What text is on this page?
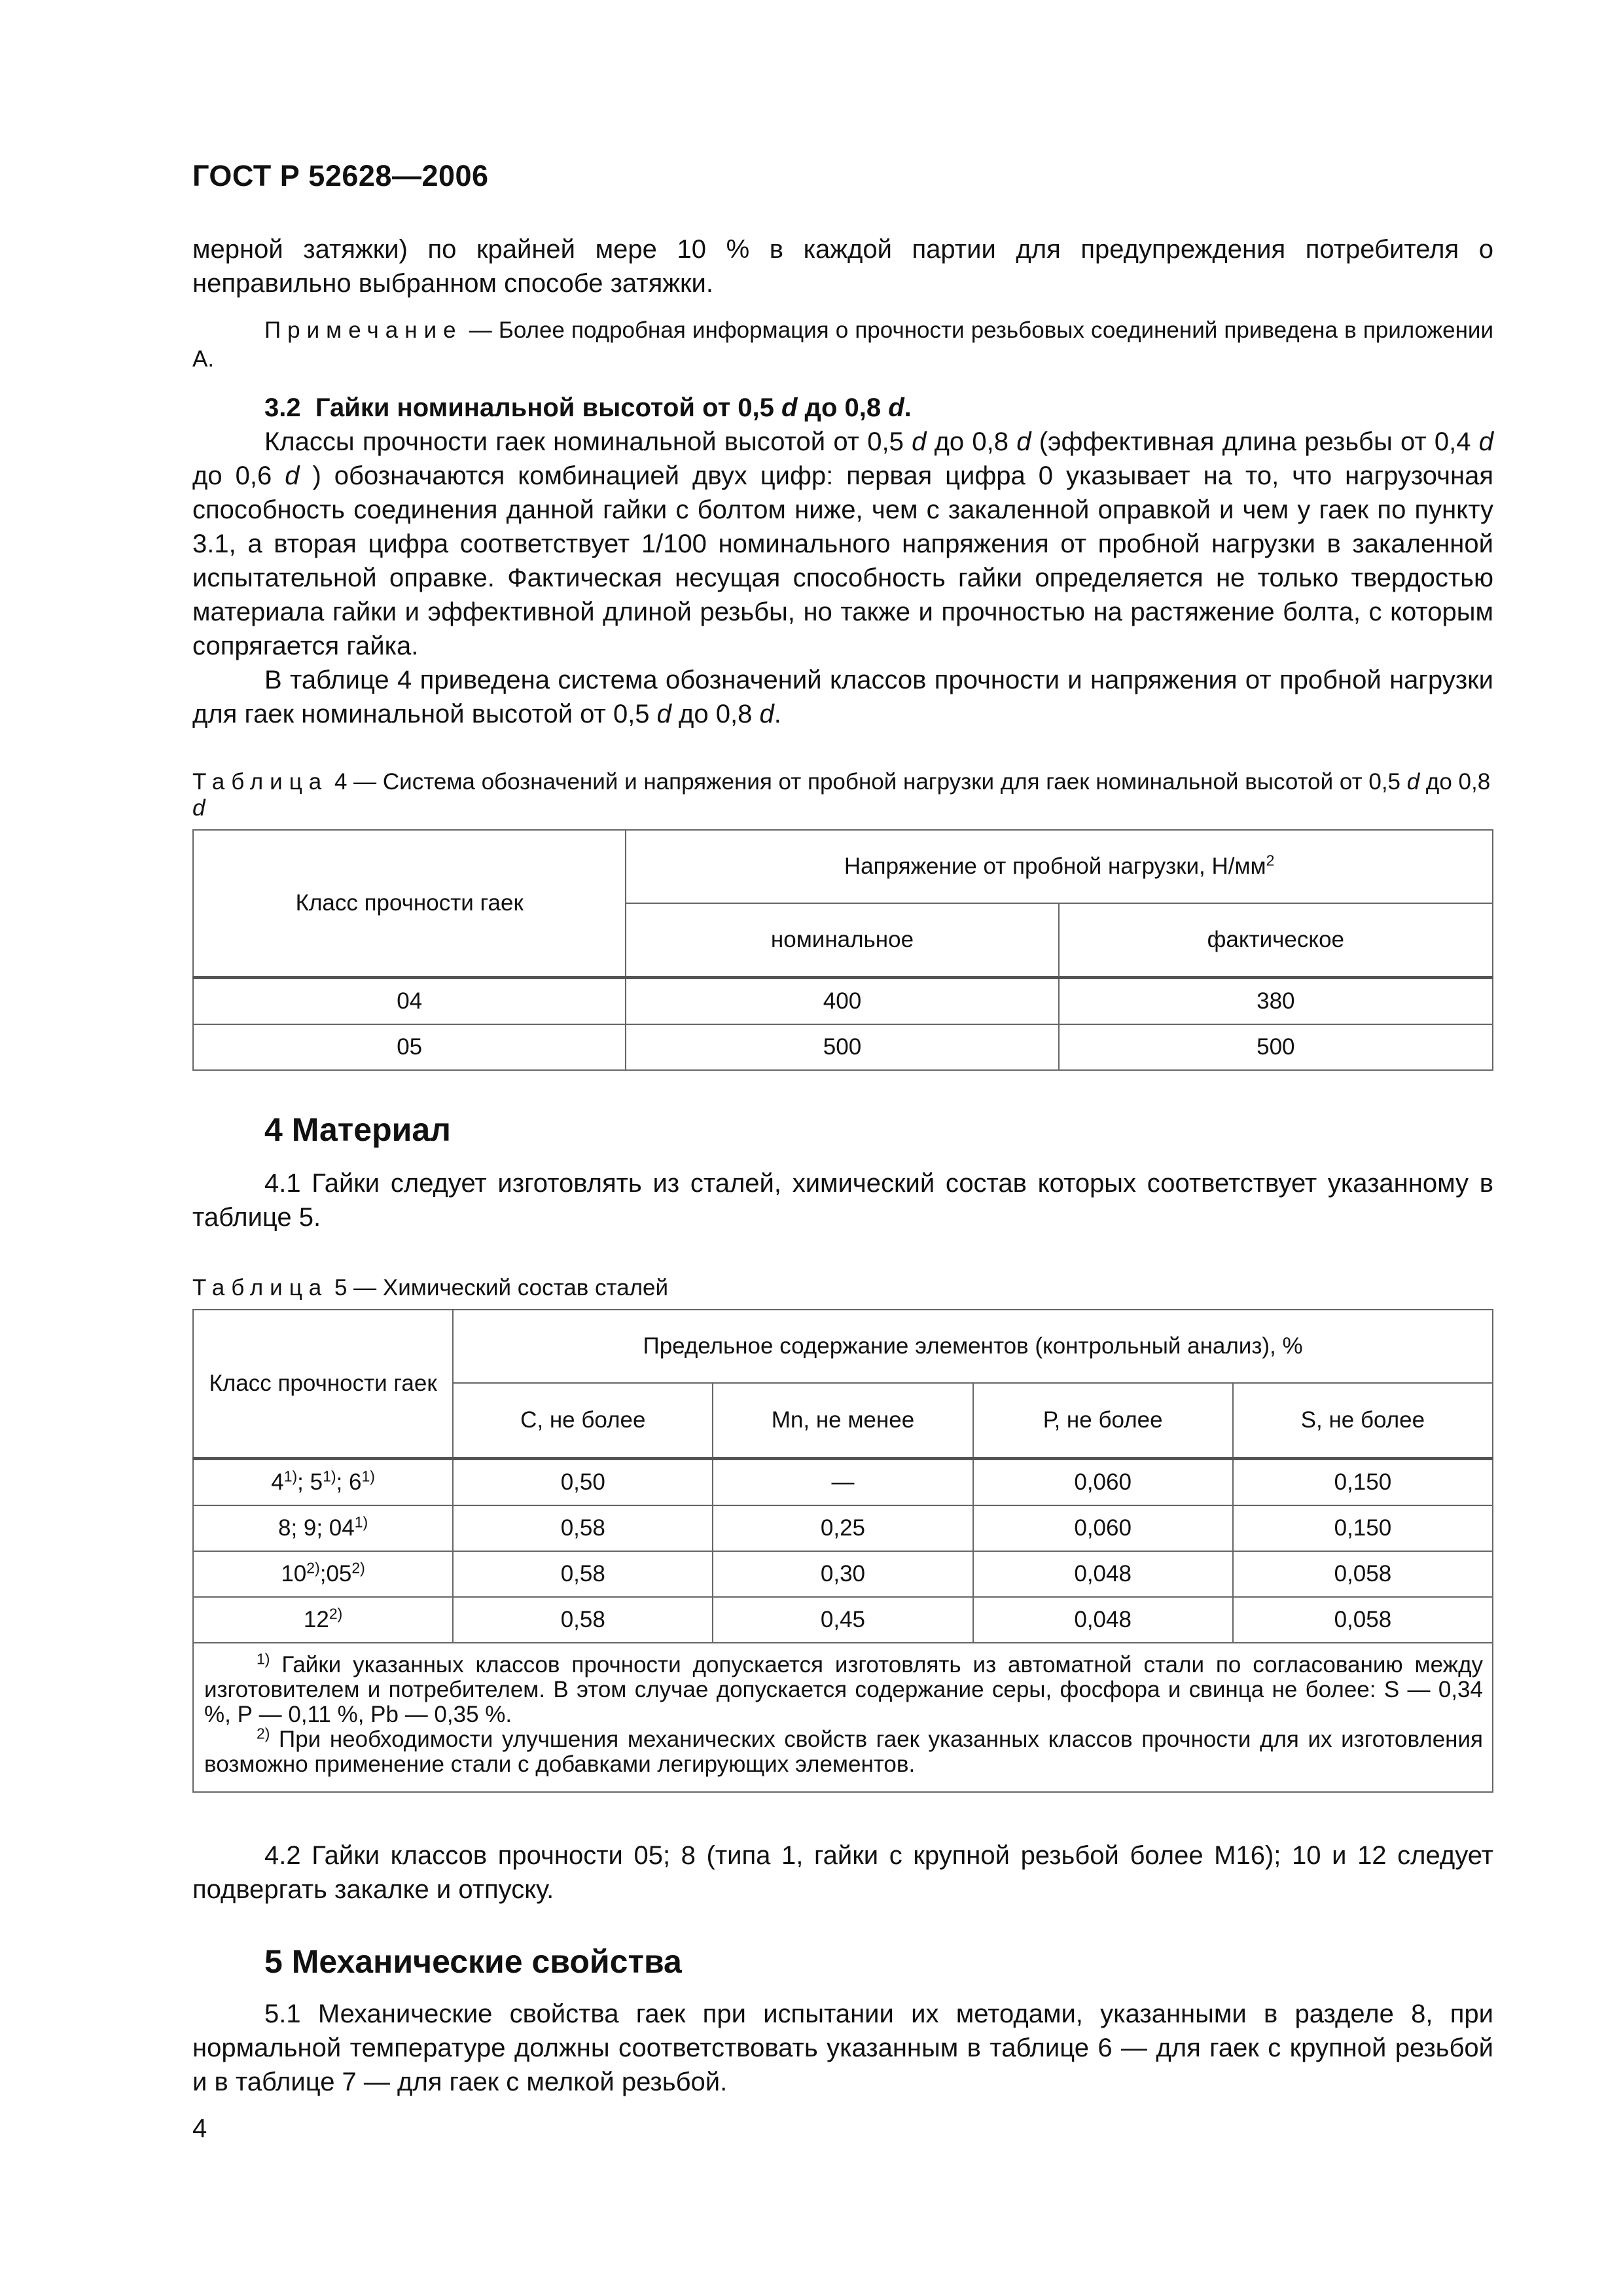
ГОСТ Р 52628—2006

мерной затяжки) по крайней мере 10 % в каждой партии для предупреждения потребителя о неправильно выбранном способе затяжки.

Примечание — Более подробная информация о прочности резьбовых соединений приведена в приложении А.

3.2 Гайки номинальной высотой от 0,5 d до 0,8 d.

Классы прочности гаек номинальной высотой от 0,5 d до 0,8 d (эффективная длина резьбы от 0,4 d до 0,6 d ) обозначаются комбинацией двух цифр: первая цифра 0 указывает на то, что нагрузочная способность соединения данной гайки с болтом ниже, чем с закаленной оправкой и чем у гаек по пункту 3.1, а вторая цифра соответствует 1/100 номинального напряжения от пробной нагрузки в закаленной испытательной оправке. Фактическая несущая способность гайки определяется не только твердостью материала гайки и эффективной длиной резьбы, но также и прочностью на растяжение болта, с которым сопрягается гайка.

В таблице 4 приведена система обозначений классов прочности и напряжения от пробной нагрузки для гаек номинальной высотой от 0,5 d до 0,8 d.

Таблица 4 — Система обозначений и напряжения от пробной нагрузки для гаек номинальной высотой от 0,5 d до 0,8 d
Класс прочности гаек	Напряжение от пробной нагрузки, $Н/мм^2$
	номинальное	фактическое
04	400	380
05	500	500
4 Материал

4.1 Гайки следует изготовлять из сталей, химический состав которых соответствует указанному в таблице 5.

Таблица 5 — Химический состав сталей
Класс прочности гаек	Предельное содержание элементов (контрольный анализ), %			
	С, не более	Mn, не менее	Р, не более	S, не более
4$^{1)}$; 5$^{1)}$; 6$^{1)}$	0,50	—	0,060	0,150
8; 9; 04$^{1)}$	0,58	0,25	0,060	0,150
10$^{2)}$;05$^{2)}$	0,58	0,30	0,048	0,058
12$^{2)}$	0,58	0,45	0,048	0,058

$^{1)}$ Гайки указанных классов прочности допускается изготовлять из автоматной стали по согласованию между изготовителем и потребителем. В этом случае допускается содержание серы, фосфора и свинца не более: S — 0,34 %, Р — 0,11 %, Pb — 0,35 %.
$^{2)}$ При необходимости улучшения механических свойств гаек указанных классов прочности для их изготовления возможно применение стали с добавками легирующих элементов.				

4.2 Гайки классов прочности 05; 8 (типа 1, гайки с крупной резьбой более М16); 10 и 12 следует подвергать закалке и отпуску.

5 Механические свойства

5.1 Механические свойства гаек при испытании их методами, указанными в разделе 8, при нормальной температуре должны соответствовать указанным в таблице 6 — для гаек с крупной резьбой и в таблице 7 — для гаек с мелкой резьбой.

4
